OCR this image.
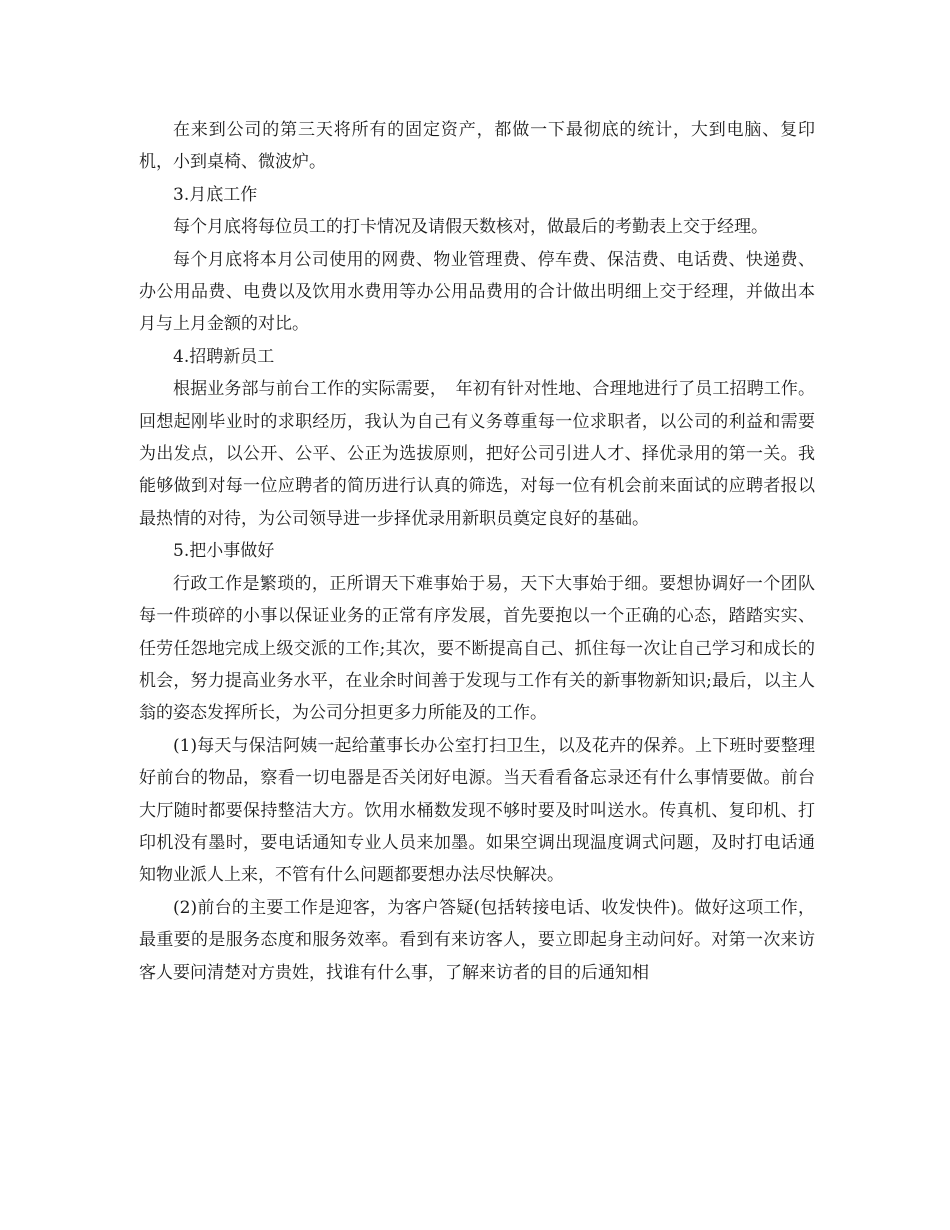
在来到公司的第三天将所有的固定资产，都做一下最彻底的统计，大到电脑、复印机，小到桌椅、微波炉。

3.月底工作

每个月底将每位员工的打卡情况及请假天数核对，做最后的考勤表上交于经理。

每个月底将本月公司使用的网费、物业管理费、停车费、保洁费、电话费、快递费、办公用品费、电费以及饮用水费用等办公用品费用的合计做出明细上交于经理，并做出本月与上月金额的对比。

4.招聘新员工

根据业务部与前台工作的实际需要，　年初有针对性地、合理地进行了员工招聘工作。回想起刚毕业时的求职经历，我认为自己有义务尊重每一位求职者，以公司的利益和需要为出发点，以公开、公平、公正为选拔原则，把好公司引进人才、择优录用的第一关。我能够做到对每一位应聘者的简历进行认真的筛选，对每一位有机会前来面试的应聘者报以最热情的对待，为公司领导进一步择优录用新职员奠定良好的基础。

5.把小事做好

行政工作是繁琐的，正所谓天下难事始于易，天下大事始于细。要想协调好一个团队每一件琐碎的小事以保证业务的正常有序发展，首先要抱以一个正确的心态，踏踏实实、任劳任怨地完成上级交派的工作;其次，要不断提高自己、抓住每一次让自己学习和成长的机会，努力提高业务水平，在业余时间善于发现与工作有关的新事物新知识;最后，以主人翁的姿态发挥所长，为公司分担更多力所能及的工作。

(1)每天与保洁阿姨一起给董事长办公室打扫卫生，以及花卉的保养。上下班时要整理好前台的物品，察看一切电器是否关闭好电源。当天看看备忘录还有什么事情要做。前台大厅随时都要保持整洁大方。饮用水桶数发现不够时要及时叫送水。传真机、复印机、打印机没有墨时，要电话通知专业人员来加墨。如果空调出现温度调式问题，及时打电话通知物业派人上来，不管有什么问题都要想办法尽快解决。

(2)前台的主要工作是迎客，为客户答疑(包括转接电话、收发快件)。做好这项工作，最重要的是服务态度和服务效率。看到有来访客人，要立即起身主动问好。对第一次来访客人要问清楚对方贵姓，找谁有什么事，了解来访者的目的后通知相
